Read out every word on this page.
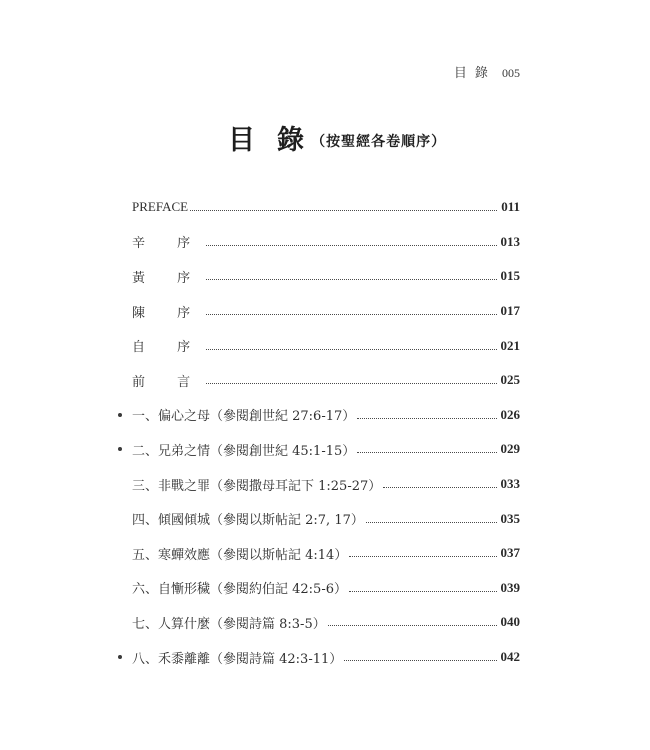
目錄 005
目錄 （按聖經各卷順序）
PREFACE	011
辛 序	013
黃 序	015
陳 序	017
自 序	021
前 言	025
一、偏心之母（參閱創世紀 27:6-17）	026
二、兄弟之情（參閱創世紀 45:1-15）	029
三、非戰之罪（參閱撒母耳記下 1:25-27）	033
四、傾國傾城（參閱以斯帖記 2:7, 17）	035
五、寒蟬效應（參閱以斯帖記 4:14）	037
六、自慚形穢（參閱約伯記 42:5-6）	039
七、人算什麼（參閱詩篇 8:3-5）	040
八、禾黍離離（參閱詩篇 42:3-11）	042
